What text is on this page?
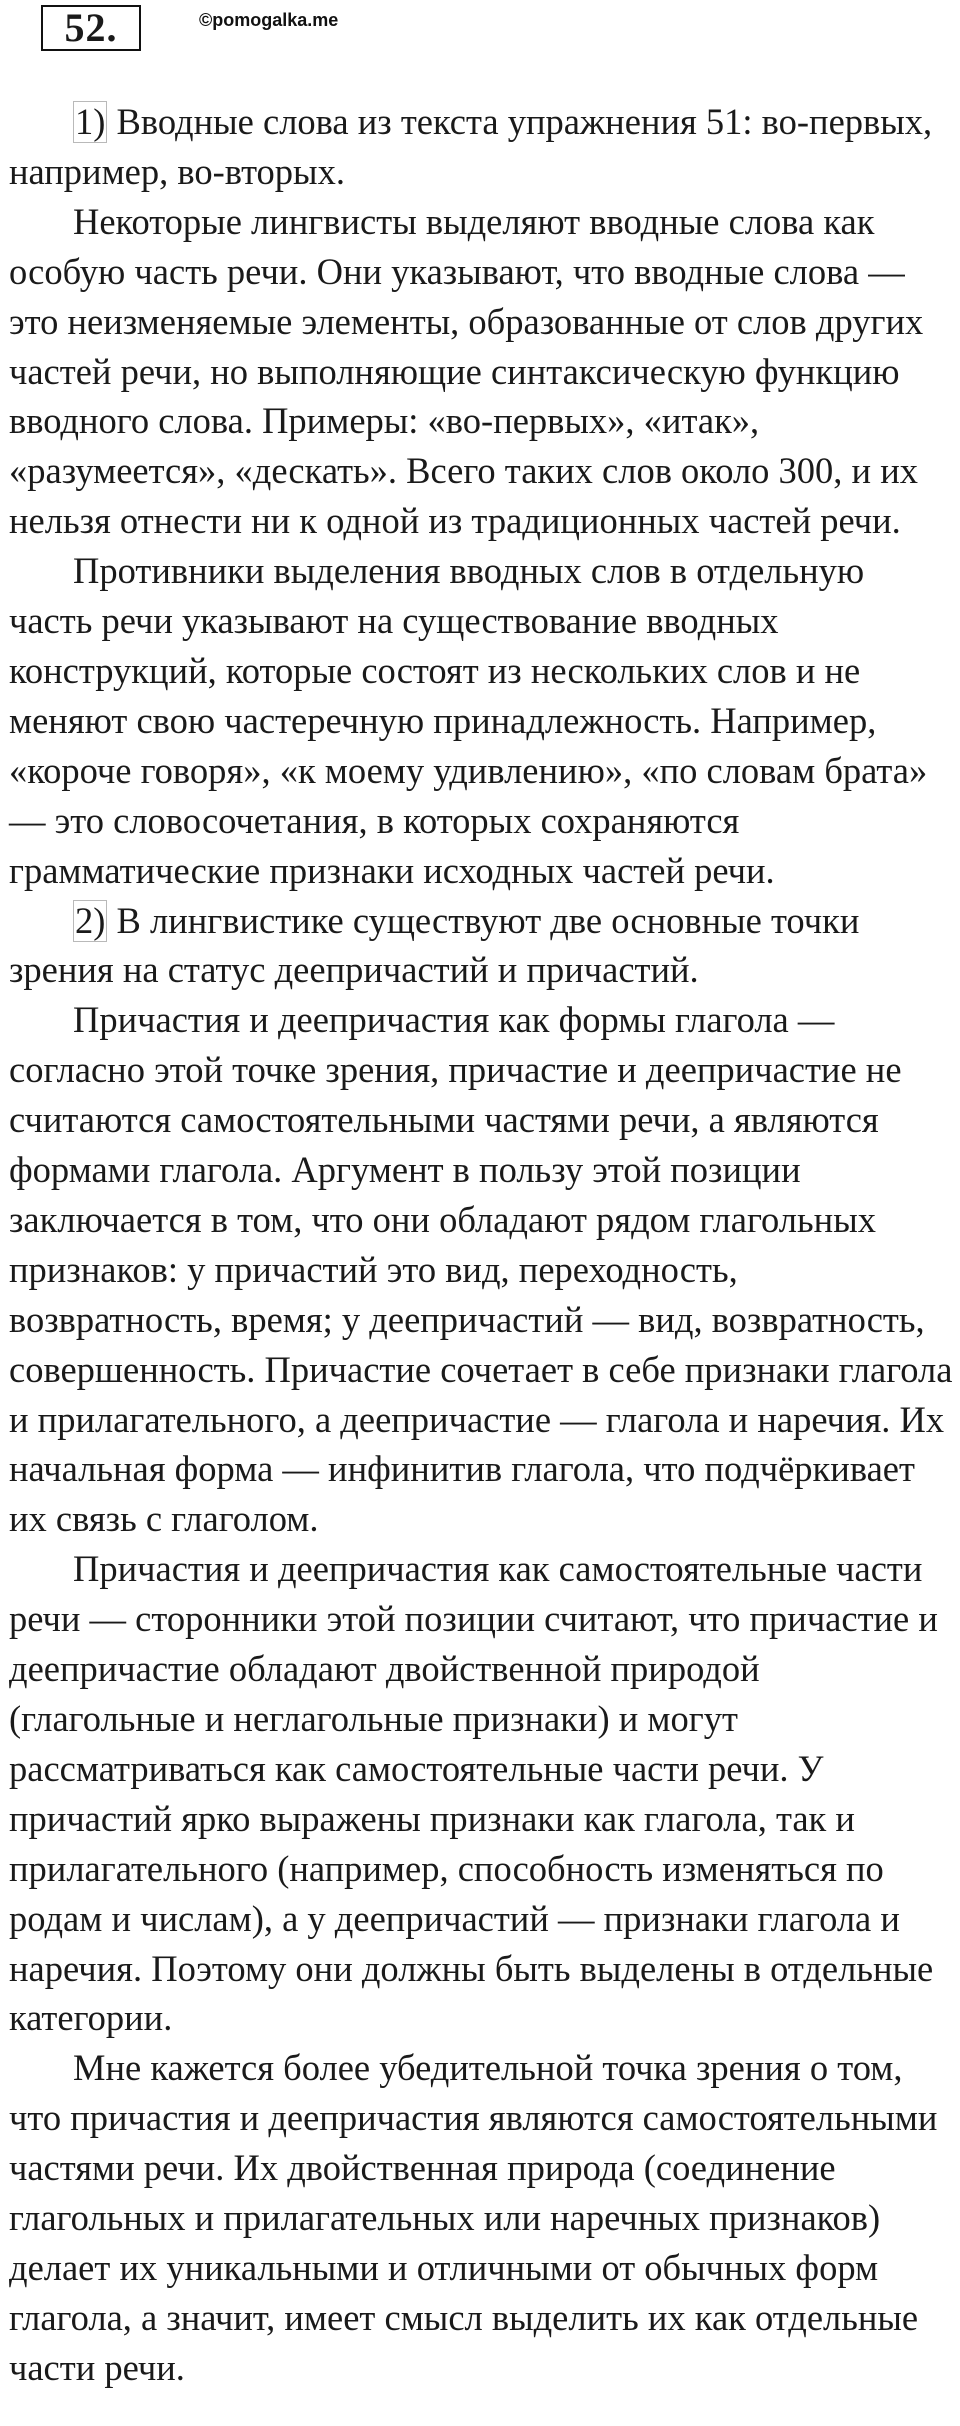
52.	©pomogalka.me

1) Вводные слова из текста упражнения 51: во-первых, например, во-вторых.

Некоторые лингвисты выделяют вводные слова как особую часть речи. Они указывают, что вводные слова — это неизменяемые элементы, образованные от слов других частей речи, но выполняющие синтаксическую функцию вводного слова. Примеры: «во-первых», «итак», «разумеется», «дескать». Всего таких слов около 300, и их нельзя отнести ни к одной из традиционных частей речи.

Противники выделения вводных слов в отдельную часть речи указывают на существование вводных конструкций, которые состоят из нескольких слов и не меняют свою частеречную принадлежность. Например, «короче говоря», «к моему удивлению», «по словам брата» — это словосочетания, в которых сохраняются грамматические признаки исходных частей речи.

2) В лингвистике существуют две основные точки зрения на статус деепричастий и причастий.

Причастия и деепричастия как формы глагола — согласно этой точке зрения, причастие и деепричастие не считаются самостоятельными частями речи, а являются формами глагола. Аргумент в пользу этой позиции заключается в том, что они обладают рядом глагольных признаков: у причастий это вид, переходность, возвратность, время; у деепричастий — вид, возвратность, совершенность. Причастие сочетает в себе признаки глагола и прилагательного, а деепричастие — глагола и наречия. Их начальная форма — инфинитив глагола, что подчёркивает их связь с глаголом.

Причастия и деепричастия как самостоятельные части речи — сторонники этой позиции считают, что причастие и деепричастие обладают двойственной природой (глагольные и неглагольные признаки) и могут рассматриваться как самостоятельные части речи. У причастий ярко выражены признаки как глагола, так и прилагательного (например, способность изменяться по родам и числам), а у деепричастий — признаки глагола и наречия. Поэтому они должны быть выделены в отдельные категории.

Мне кажется более убедительной точка зрения о том, что причастия и деепричастия являются самостоятельными частями речи. Их двойственная природа (соединение глагольных и прилагательных или наречных признаков) делает их уникальными и отличными от обычных форм глагола, а значит, имеет смысл выделить их как отдельные части речи.
